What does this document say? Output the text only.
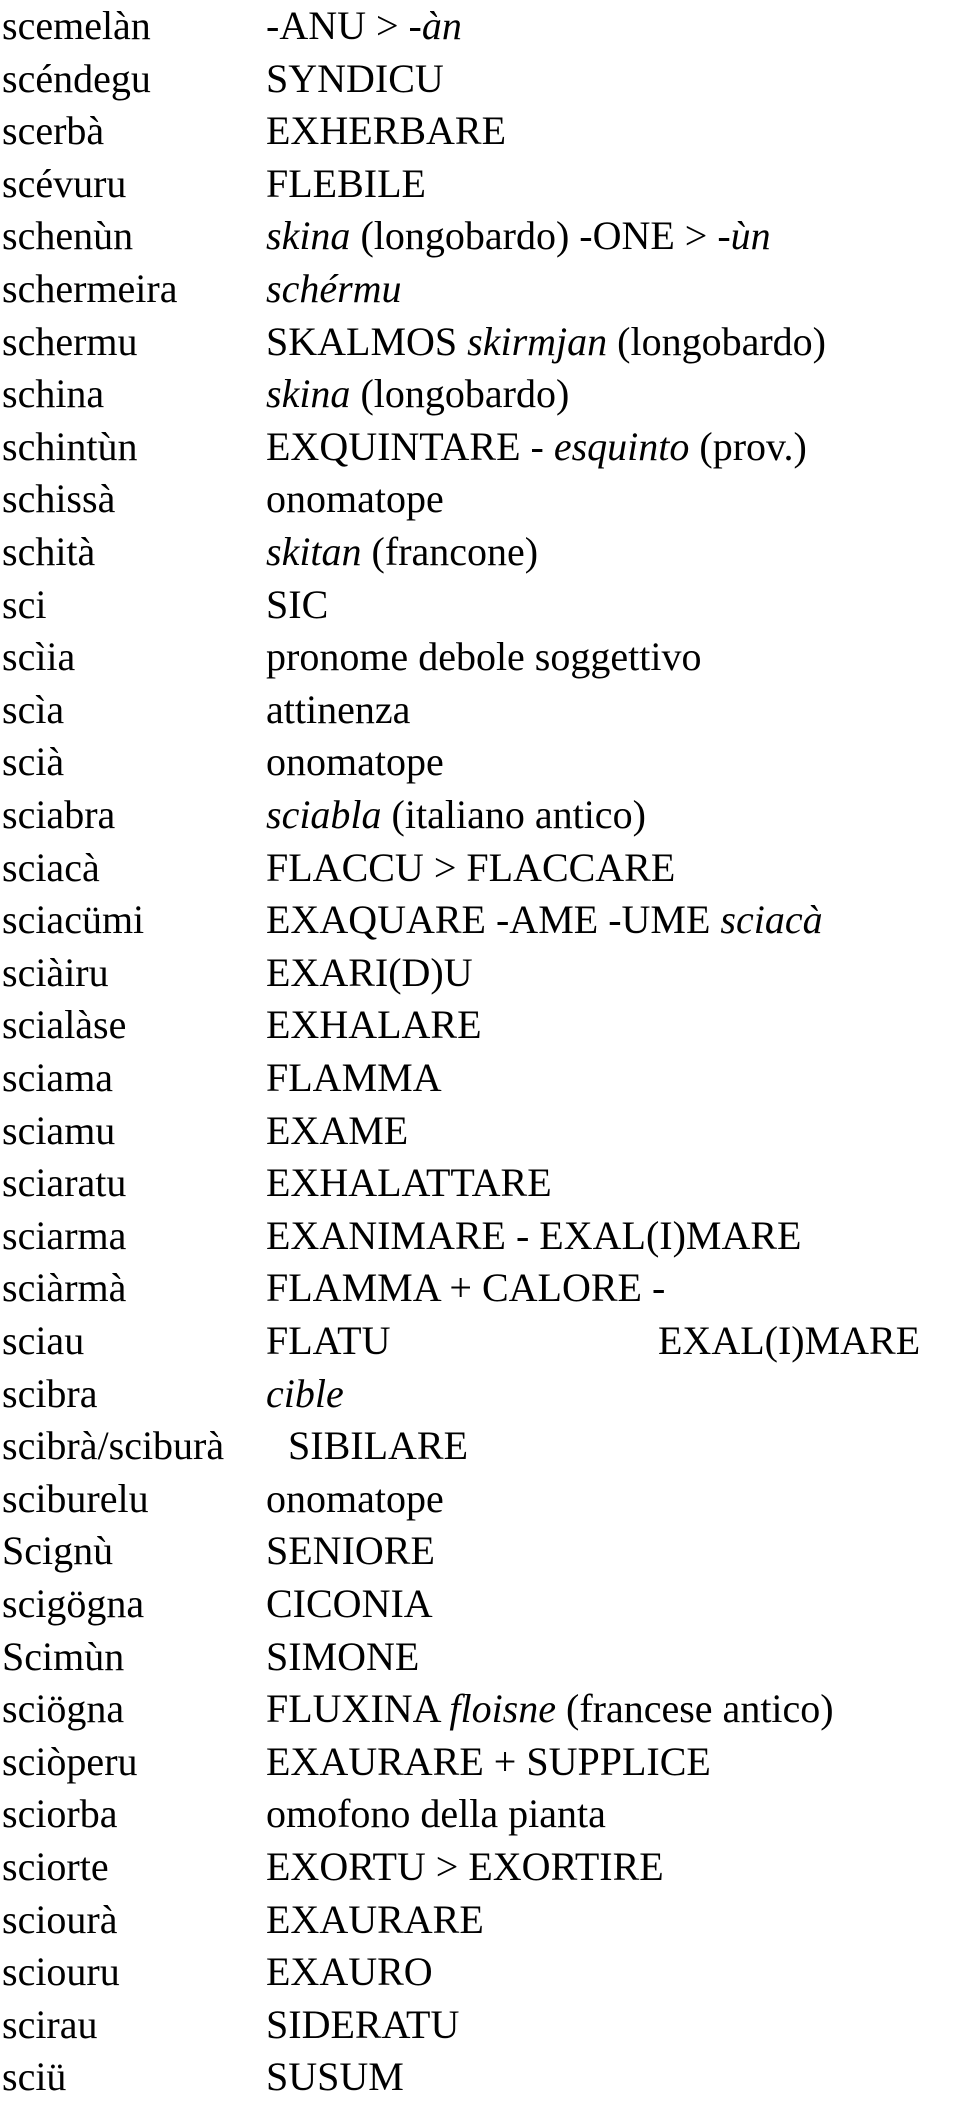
scemelàn	-ANU > -àn
scéndegu	SYNDICU
scerbà	EXHERBARE
scévuru	FLEBILE
schenùn	skina (longobardo) -ONE > -ùn
schermeira schérmu
schermu	SKALMOS skirmjan (longobardo)
schina	skina (longobardo)
schintùn	EXQUINTARE - esquinto (prov.)
schissà	onomatope
schità	skitan (francone)
sci	SIC
scìia	pronome debole soggettivo
scìa	attinenza
scià	onomatope
sciabra	sciabla (italiano antico)
sciacà	FLACCU > FLACCARE
sciacümi	EXAQUARE -AME -UME sciacà
sciàiru	EXARI(D)U
scialàse	EXHALARE
sciama	FLAMMA
sciamu	EXAME
sciaratu	EXHALATTARE
sciarma	EXANIMARE - EXAL(I)MARE
sciàrmà	FLAMMA + CALORE -
sciau	FLATU	EXAL(I)MARE
scibra	cible
scibrà/sciburà SIBILARE
sciburelu	onomatope
Scignù	SENIORE
scigögna	CICONIA
Scimùn	SIMONE
sciögna	FLUXINA floisne (francese antico)
sciòperu	EXAURARE + SUPPLICE
sciorba	omofono della pianta
sciorte	EXORTU > EXORTIRE
sciourà	EXAURARE
sciouru	EXAURO
scirau	SIDERATU
sciü	SUSUM
